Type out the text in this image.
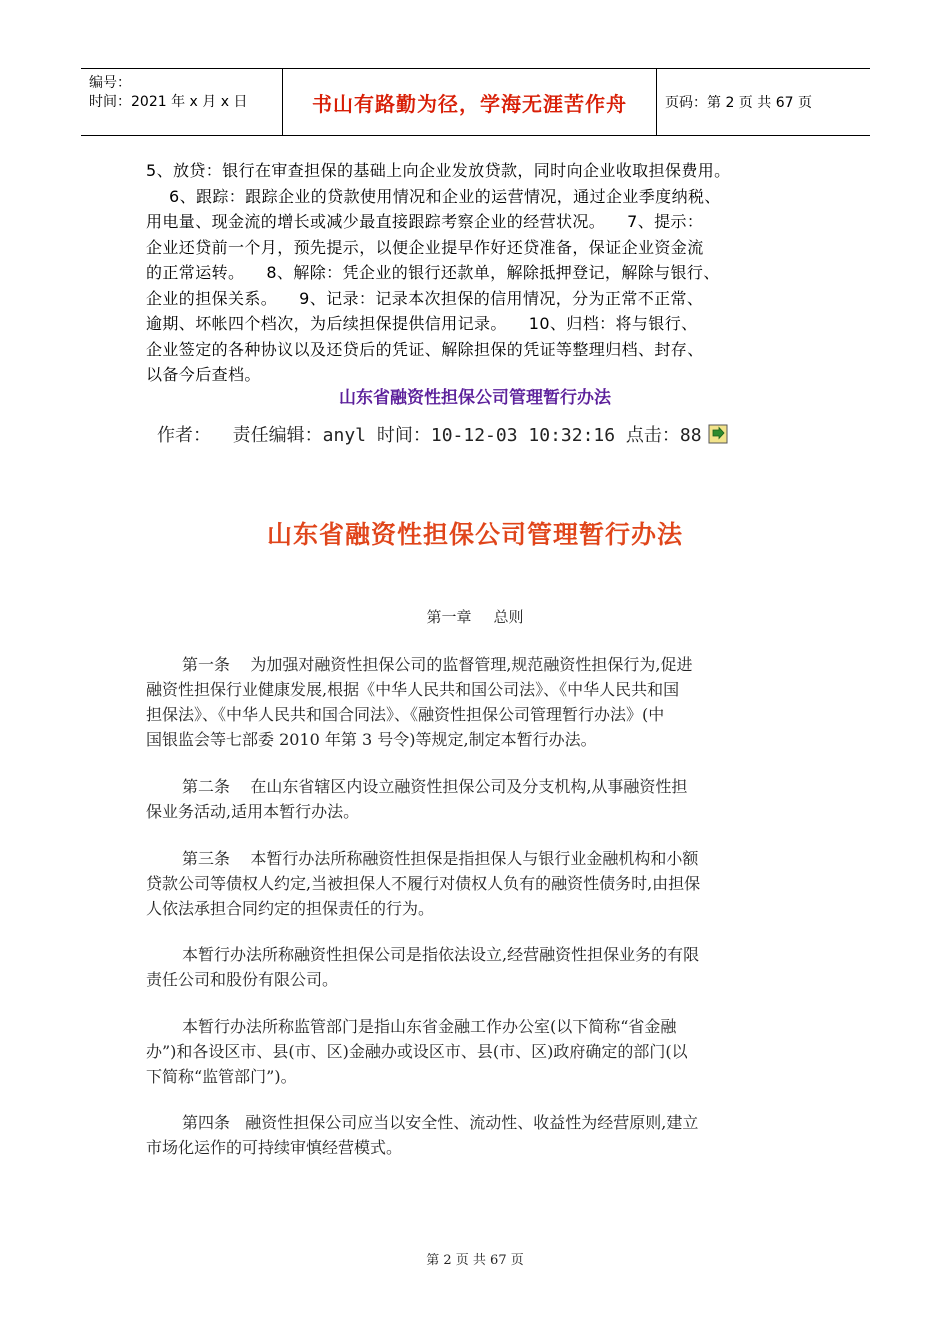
编号：
时间：2021 年 x 月 x 日	书山有路勤为径，学海无涯苦作舟	页码：第 2 页 共 67 页

5、放贷：银行在审查担保的基础上向企业发放贷款，同时向企业收取担保费用。

6、跟踪：跟踪企业的贷款使用情况和企业的运营情况，通过企业季度纳税、

用电量、现金流的增长或减少最直接跟踪考察企业的经营状况。    7、提示：

企业还贷前一个月，预先提示，以便企业提早作好还贷准备，保证企业资金流

的正常运转。    8、解除：凭企业的银行还款单，解除抵押登记，解除与银行、

企业的担保关系。    9、记录：记录本次担保的信用情况，分为正常不正常、

逾期、坏帐四个档次，为后续担保提供信用记录。    10、归档：将与银行、

企业签定的各种协议以及还贷后的凭证、解除担保的凭证等整理归档、封存、

以备今后查档。

山东省融资性担保公司管理暂行办法
作者：  责任编辑：anyl 时间：10-12-03 10:32:16 点击：88
山东省融资性担保公司管理暂行办法
第一章 总则

第一条    为加强对融资性担保公司的监督管理,规范融资性担保行为,促进

融资性担保行业健康发展,根据《中华人民共和国公司法》、《中华人民共和国

担保法》、《中华人民共和国合同法》、《融资性担保公司管理暂行办法》(中

国银监会等七部委 2010 年第 3 号令)等规定,制定本暂行办法。

第二条    在山东省辖区内设立融资性担保公司及分支机构,从事融资性担

保业务活动,适用本暂行办法。

第三条    本暂行办法所称融资性担保是指担保人与银行业金融机构和小额

贷款公司等债权人约定,当被担保人不履行对债权人负有的融资性债务时,由担保

人依法承担合同约定的担保责任的行为。

本暂行办法所称融资性担保公司是指依法设立,经营融资性担保业务的有限

责任公司和股份有限公司。

本暂行办法所称监管部门是指山东省金融工作办公室(以下简称“省金融

办”)和各设区市、县(市、区)金融办或设区市、县(市、区)政府确定的部门(以

下简称“监管部门”)。

第四条   融资性担保公司应当以安全性、流动性、收益性为经营原则,建立

市场化运作的可持续审慎经营模式。

第 2 页 共 67 页
